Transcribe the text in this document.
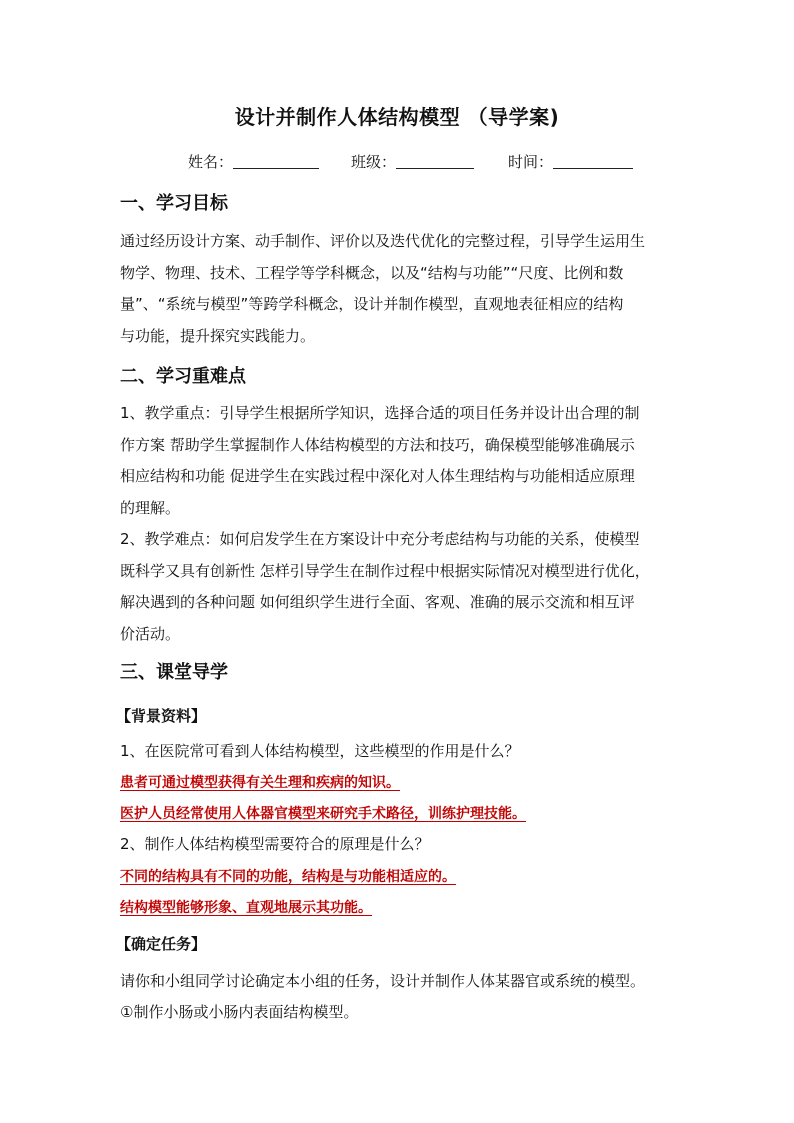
设计并制作人体结构模型 （导学案)
姓名：	班级：	时间：
一、学习目标
通过经历设计方案、动手制作、评价以及迭代优化的完整过程，引导学生运用生
物学、物理、技术、工程学等学科概念，以及“结构与功能”“尺度、比例和数
量”、“系统与模型”等跨学科概念，设计并制作模型，直观地表征相应的结构
与功能，提升探究实践能力。
二、学习重难点
1、教学重点：引导学生根据所学知识，选择合适的项目任务并设计出合理的制
作方案 帮助学生掌握制作人体结构模型的方法和技巧，确保模型能够准确展示
相应结构和功能 促进学生在实践过程中深化对人体生理结构与功能相适应原理
的理解。
2、教学难点：如何启发学生在方案设计中充分考虑结构与功能的关系，使模型
既科学又具有创新性 怎样引导学生在制作过程中根据实际情况对模型进行优化，
解决遇到的各种问题 如何组织学生进行全面、客观、准确的展示交流和相互评
价活动。
三、课堂导学
【背景资料】
1、在医院常可看到人体结构模型，这些模型的作用是什么？
患者可通过模型获得有关生理和疾病的知识。
医护人员经常使用人体器官模型来研究手术路径，训练护理技能。
2、制作人体结构模型需要符合的原理是什么？
不同的结构具有不同的功能，结构是与功能相适应的。
结构模型能够形象、直观地展示其功能。
【确定任务】
请你和小组同学讨论确定本小组的任务，设计并制作人体某器官或系统的模型。
①制作小肠或小肠内表面结构模型。
